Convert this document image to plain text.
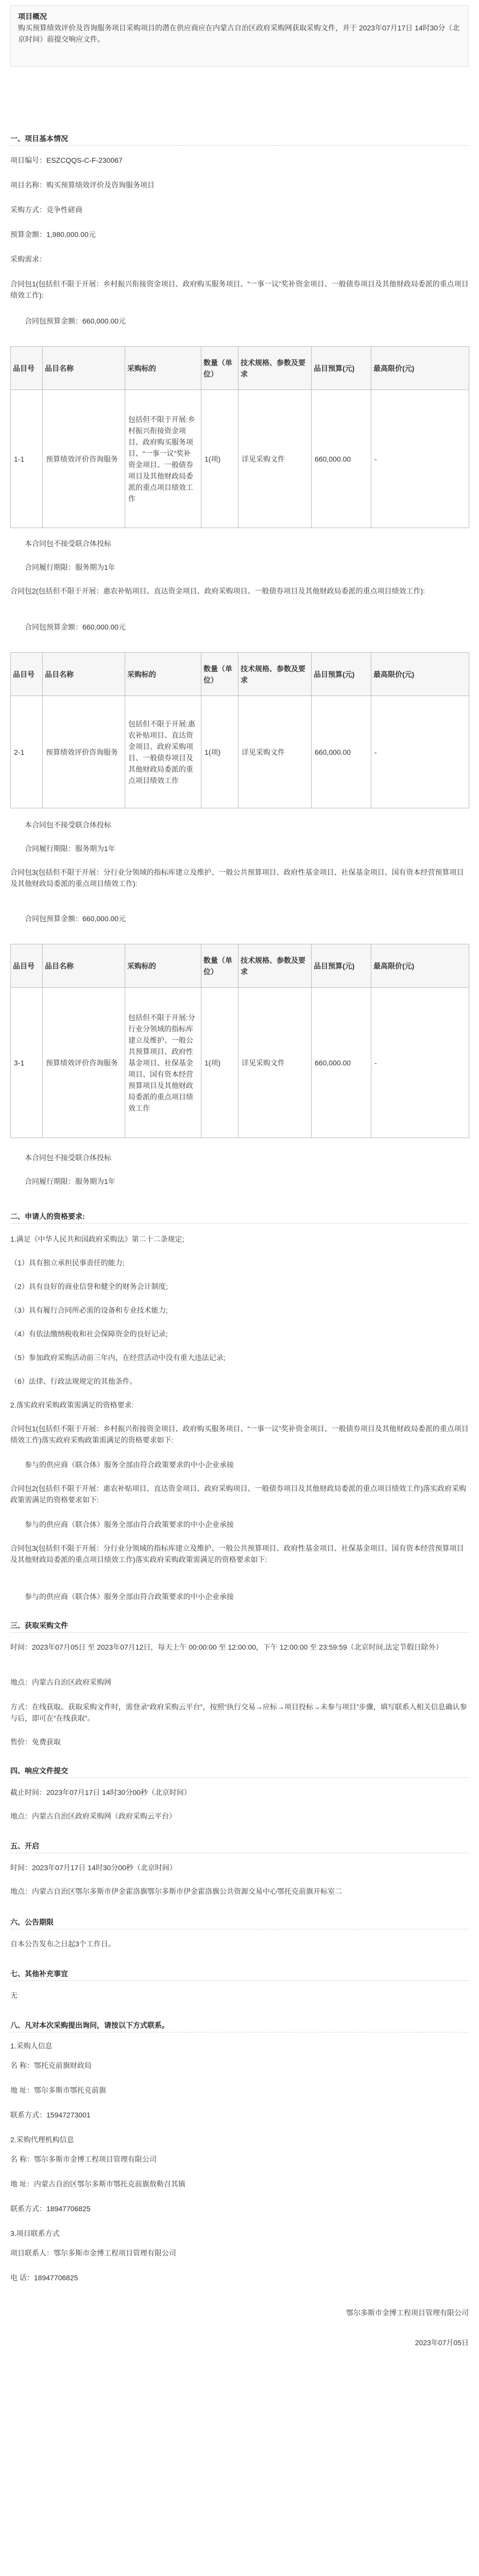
项目概况
购买预算绩效评价及咨询服务项目采购项目的潜在供应商应在内蒙古自治区政府采购网获取采购文件，并于 2023年07月17日 14时30分（北京时间）前提交响应文件。
一、项目基本情况
项目编号：ESZCQQS-C-F-230067
项目名称：购买预算绩效评价及咨询服务项目
采购方式：竞争性磋商
预算金额：1,980,000.00元
采购需求：
合同包1(包括但不限于开展：乡村振兴衔接资金项目、政府购买服务项目、“一事一议”奖补资金项目、一般债券项目及其他财政局委派的重点项目绩效工作):
合同包预算金额：660,000.00元
品目号	品目名称	采购标的	数量（单位）	技术规格、参数及要求	品目预算(元)	最高限价(元)
1-1	预算绩效评价咨询服务	包括但不限于开展:乡村振兴衔接资金项目、政府购买服务项目、“一事一议”奖补资金项目、一般债券项目及其他财政局委派的重点项目绩效工作	1(项)	详见采购文件	660,000.00	-
本合同包不接受联合体投标
合同履行期限：服务期为1年
合同包2(包括但不限于开展：惠农补贴项目、直达资金项目、政府采购项目、一般债券项目及其他财政局委派的重点项目绩效工作):
合同包预算金额：660,000.00元
品目号	品目名称	采购标的	数量（单位）	技术规格、参数及要求	品目预算(元)	最高限价(元)
2-1	预算绩效评价咨询服务	包括但不限于开展:惠农补贴项目、直达资金项目、政府采购项目、一般债券项目及其他财政局委派的重点项目绩效工作	1(项)	详见采购文件	660,000.00	-
本合同包不接受联合体投标
合同履行期限：服务期为1年
合同包3(包括但不限于开展：分行业分领域的指标库建立及维护、一般公共预算项目、政府性基金项目、社保基金项目、国有资本经营预算项目及其他财政局委派的重点项目绩效工作):
合同包预算金额：660,000.00元
品目号	品目名称	采购标的	数量（单位）	技术规格、参数及要求	品目预算(元)	最高限价(元)
3-1	预算绩效评价咨询服务	包括但不限于开展:分行业分领域的指标库建立及维护、一般公共预算项目、政府性基金项目、社保基金项目、国有资本经营预算项目及其他财政局委派的重点项目绩效工作	1(项)	详见采购文件	660,000.00	-
本合同包不接受联合体投标
合同履行期限：服务期为1年
二、申请人的资格要求:
1.满足《中华人民共和国政府采购法》第二十二条规定;
（1）具有独立承担民事责任的能力;
（2）具有良好的商业信誉和健全的财务会计制度;
（3）具有履行合同所必需的设备和专业技术能力;
（4）有依法缴纳税收和社会保障资金的良好记录;
（5）参加政府采购活动前三年内，在经营活动中没有重大违法记录;
（6）法律、行政法规规定的其他条件。
2.落实政府采购政策需满足的资格要求:
合同包1(包括但不限于开展：乡村振兴衔接资金项目、政府购买服务项目、“一事一议”奖补资金项目、一般债券项目及其他财政局委派的重点项目绩效工作)落实政府采购政策需满足的资格要求如下:
参与的供应商（联合体）服务全部由符合政策要求的中小企业承接
合同包2(包括但不限于开展：惠农补贴项目、直达资金项目、政府采购项目、一般债券项目及其他财政局委派的重点项目绩效工作)落实政府采购政策需满足的资格要求如下:
参与的供应商（联合体）服务全部由符合政策要求的中小企业承接
合同包3(包括但不限于开展：分行业分领域的指标库建立及维护、一般公共预算项目、政府性基金项目、社保基金项目、国有资本经营预算项目及其他财政局委派的重点项目绩效工作)落实政府采购政策需满足的资格要求如下:
参与的供应商（联合体）服务全部由符合政策要求的中小企业承接
三、获取采购文件
时间：2023年07月05日 至 2023年07月12日，每天上午 00:00:00 至 12:00:00，下午 12:00:00 至 23:59:59（北京时间,法定节假日除外）
地点：内蒙古自治区政府采购网
方式：在线获取。获取采购文件时，需登录“政府采购云平台”，按照“执行交易→应标→项目投标→未参与项目”步骤，填写联系人相关信息确认参与后，即可在“在线获取”。
售价：免费获取
四、响应文件提交
截止时间：2023年07月17日 14时30分00秒（北京时间）
地点：内蒙古自治区政府采购网（政府采购云平台）
五、开启
时间：2023年07月17日 14时30分00秒（北京时间）
地点：内蒙古自治区鄂尔多斯市伊金霍洛旗鄂尔多斯市伊金霍洛旗公共资源交易中心鄂托克前旗开标室二
六、公告期限
自本公告发布之日起3个工作日。
七、其他补充事宜
无
八、凡对本次采购提出询问，请按以下方式联系。
1.采购人信息
名 称：鄂托克前旗财政局
地 址：鄂尔多斯市鄂托克前旗
联系方式：15947273001
2.采购代理机构信息
名 称：鄂尔多斯市金博工程项目管理有限公司
地 址：内蒙古自治区鄂尔多斯市鄂托克前旗敖勒召其镇
联系方式：18947706825
3.项目联系方式
项目联系人：鄂尔多斯市金博工程项目管理有限公司
电 话：18947706825
鄂尔多斯市金博工程项目管理有限公司
2023年07月05日
